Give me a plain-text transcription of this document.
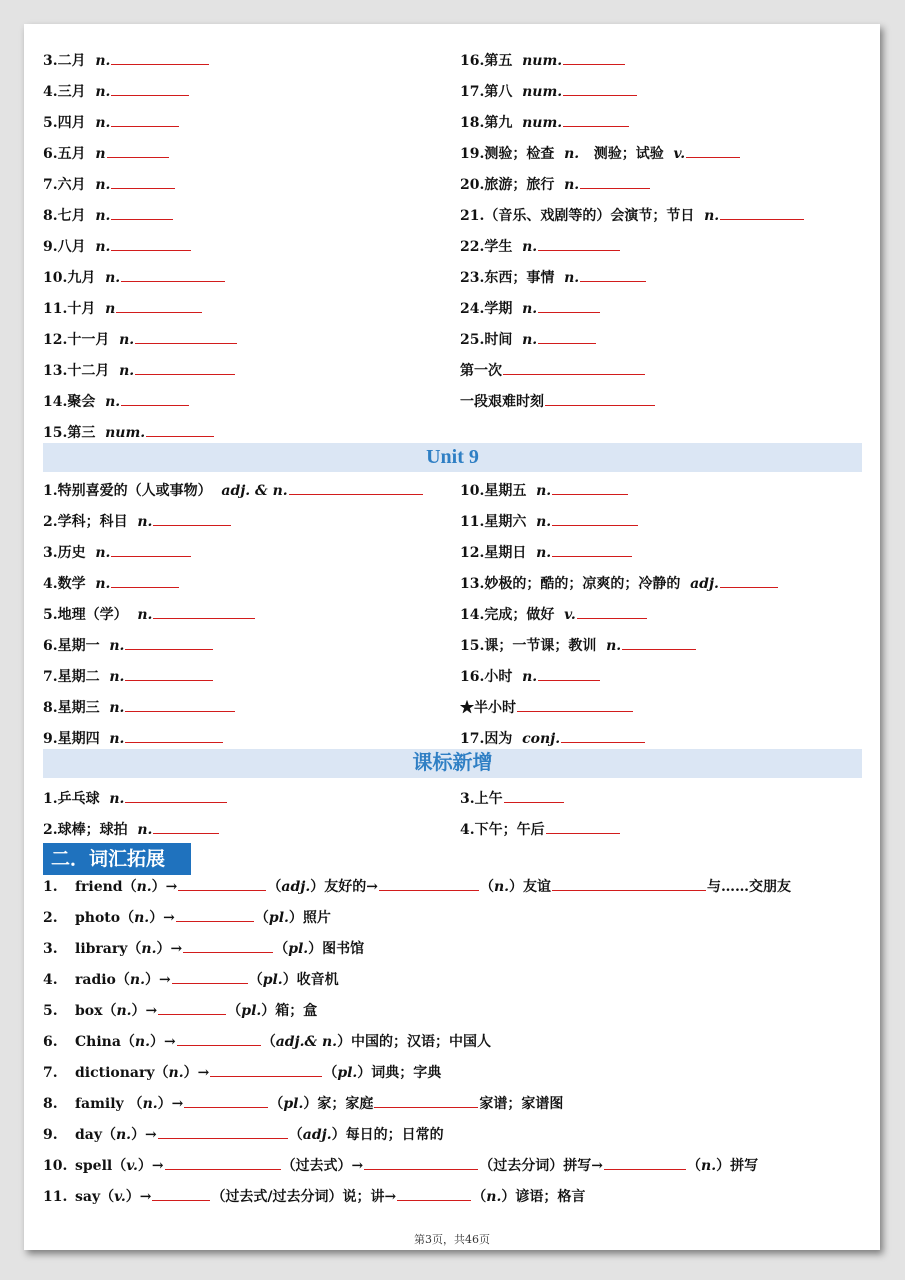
3.二月 n.
4.三月 n.
5.四月 n.
6.五月 n
7.六月 n.
8.七月 n.
9.八月 n.
10.九月 n.
11.十月 n
12.十一月 n.
13.十二月 n.
14.聚会 n.
15.第三 num.
16.第五 num.
17.第八 num.
18.第九 num.
19.测验；检查 n. 测验；试验 v.
20.旅游；旅行 n.
21.（音乐、戏剧等的）会演节；节日 n.
22.学生 n.
23.东西；事情 n.
24.学期 n.
25.时间 n.
第一次
一段艰难时刻
Unit 9
1.特别喜爱的（人或事物） adj. & n.
2.学科；科目 n.
3.历史 n.
4.数学 n.
5.地理（学） n.
6.星期一 n.
7.星期二 n.
8.星期三 n.
9.星期四 n.
10.星期五 n.
11.星期六 n.
12.星期日 n.
13.妙极的；酷的；凉爽的；冷静的 adj.
14.完成；做好 v.
15.课；一节课；教训 n.
16.小时 n.
★半小时
17.因为 conj.
课标新增
1.乒乓球 n.
2.球棒；球拍 n.
3.上午
4.下午；午后
二．词汇拓展
1. friend（n.）→	（adj.）友好的→	（n.）友谊	与……交朋友
2. photo（n.）→	（pl.）照片
3. library（n.）→	（pl.）图书馆
4. radio（n.）→	（pl.）收音机
5. box（n.）→	（pl.）箱；盒
6. China（n.）→	（adj.& n.）中国的；汉语；中国人
7. dictionary（n.）→	（pl.）词典；字典
8. family （n.）→	（pl.）家；家庭	家谱；家谱图
9. day（n.）→	（adj.）每日的；日常的
10. spell（v.）→	（过去式）→	（过去分词）拼写→	（n.）拼写
11. say（v.）→	（过去式/过去分词）说；讲→	（n.）谚语；格言
第3页，共46页
